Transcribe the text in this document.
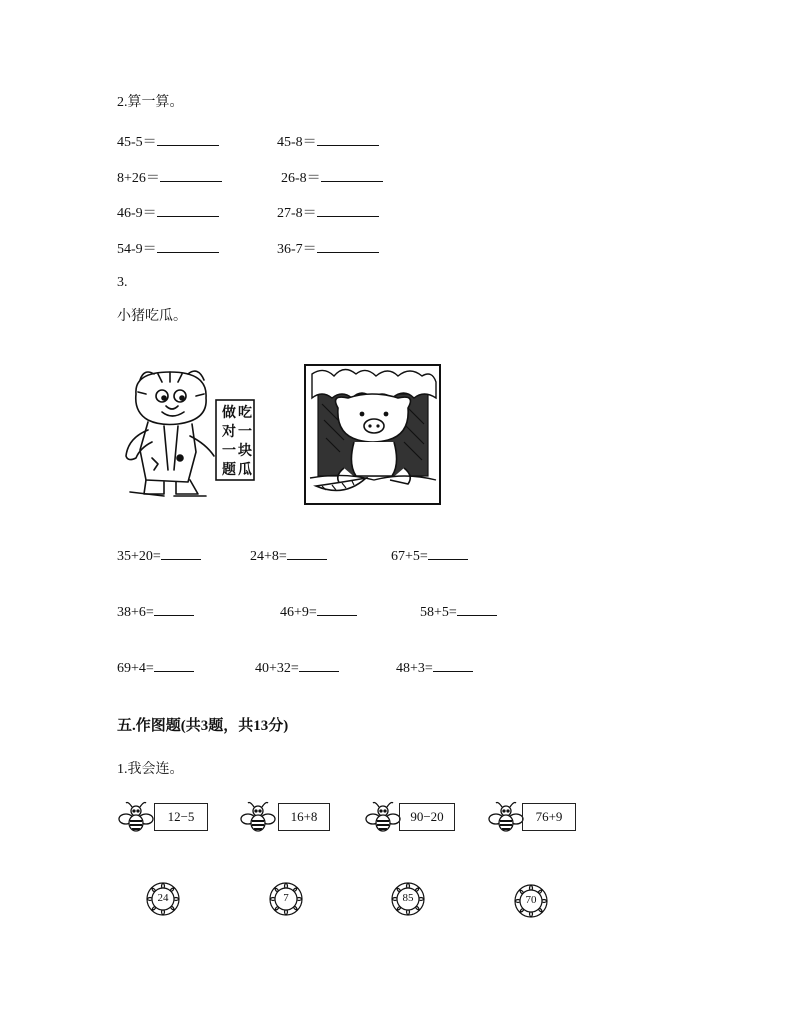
2.算一算。
45-5＝	45-8＝
8+26＝	26-8＝
46-9＝	27-8＝
54-9＝	36-7＝
3.
小猪吃瓜。
做对一题
吃一块瓜
35+20=	24+8=	67+5=
38+6=	46+9=	58+5=
69+4=	40+32=	48+3=
五.作图题(共3题，共13分)
1.我会连。
12−5	16+8	90−20	76+9
24	7	85	70
